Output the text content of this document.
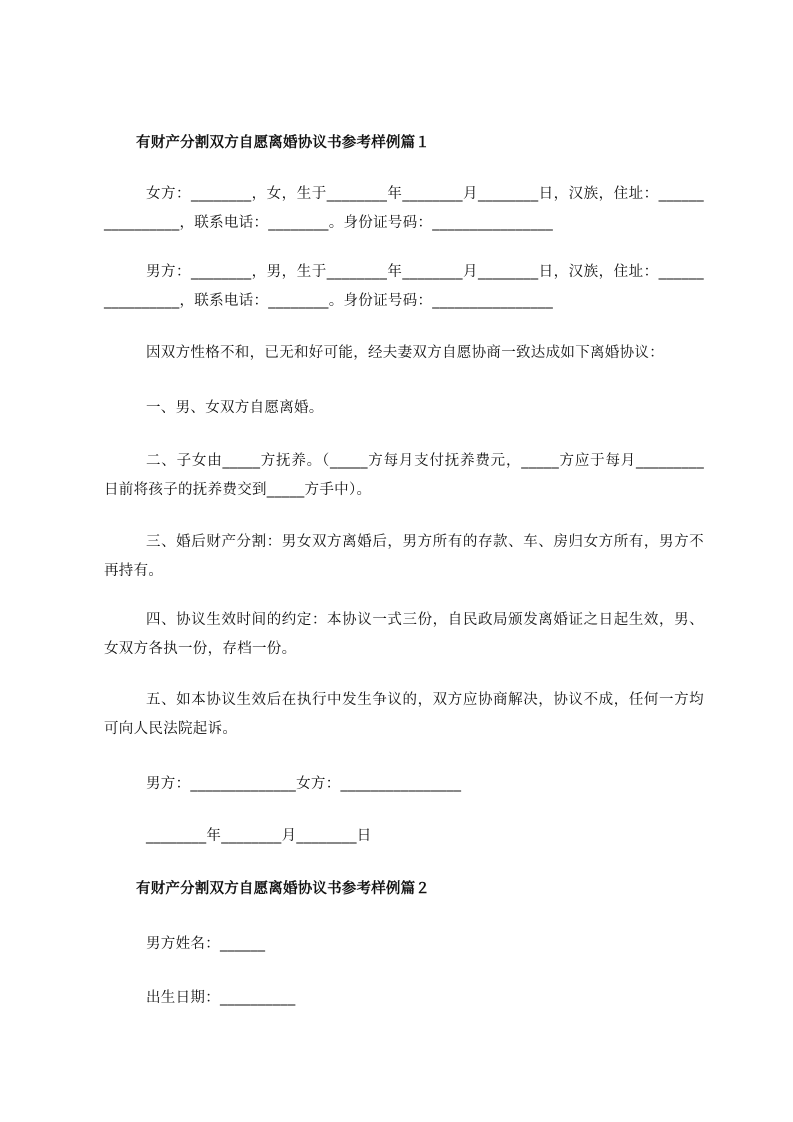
有财产分割双方自愿离婚协议书参考样例篇１
女方：________，女，生于________年________月________日，汉族，住址：________________，联系电话：________。身份证号码：________________
男方：________，男，生于________年________月________日，汉族，住址：________________，联系电话：________。身份证号码：________________
因双方性格不和，已无和好可能，经夫妻双方自愿协商一致达成如下离婚协议：
一、男、女双方自愿离婚。
二、子女由_____方抚养。（_____方每月支付抚养费元，_____方应于每月_________日前将孩子的抚养费交到_____方手中）。
三、婚后财产分割：男女双方离婚后，男方所有的存款、车、房归女方所有，男方不再持有。
四、协议生效时间的约定：本协议一式三份，自民政局颁发离婚证之日起生效，男、女双方各执一份，存档一份。
五、如本协议生效后在执行中发生争议的，双方应协商解决，协议不成，任何一方均可向人民法院起诉。
男方：______________女方：________________
________年________月________日
有财产分割双方自愿离婚协议书参考样例篇２
男方姓名：______
出生日期：__________
